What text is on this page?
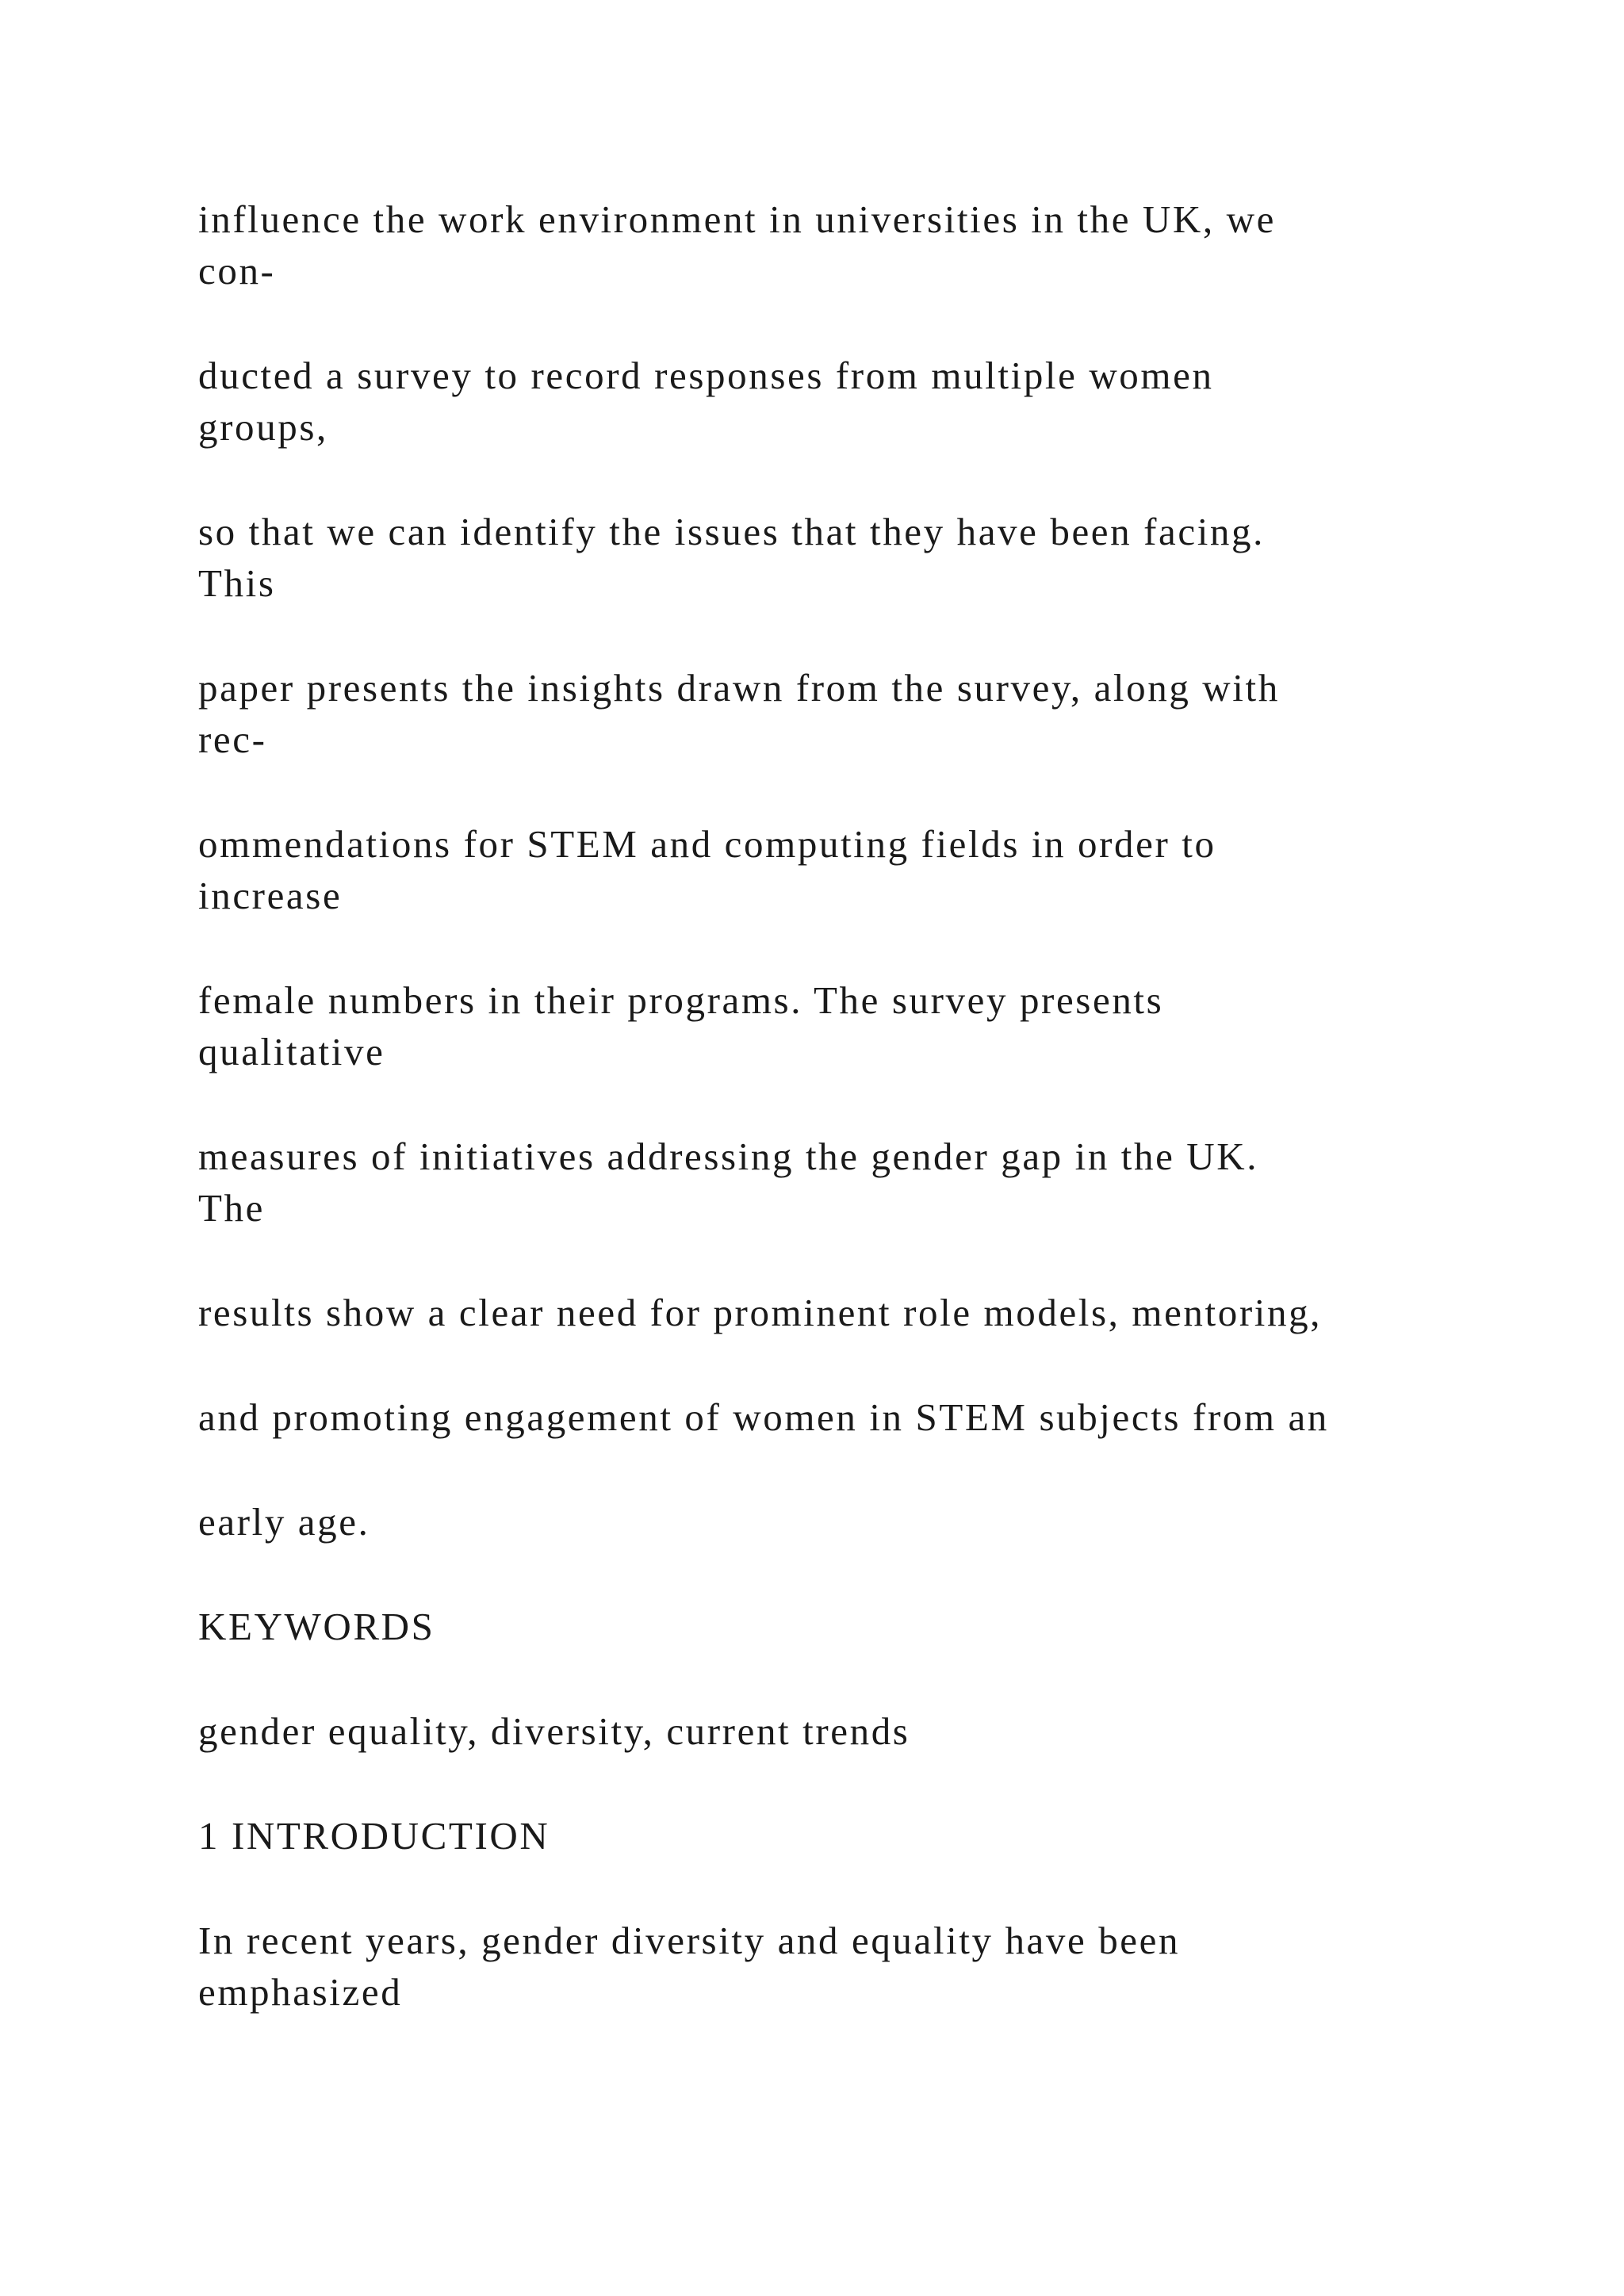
influence the work environment in universities in the UK, we

con-

ducted a survey to record responses from multiple women

groups,

so that we can identify the issues that they have been facing.

This

paper presents the insights drawn from the survey, along with

rec-

ommendations for STEM and computing fields in order to

increase

female numbers in their programs. The survey presents

qualitative

measures of initiatives addressing the gender gap in the UK.

The

results show a clear need for prominent role models, mentoring,

and promoting engagement of women in STEM subjects from an

early age.

KEYWORDS

gender equality, diversity, current trends

1 INTRODUCTION

In recent years, gender diversity and equality have been

emphasized
